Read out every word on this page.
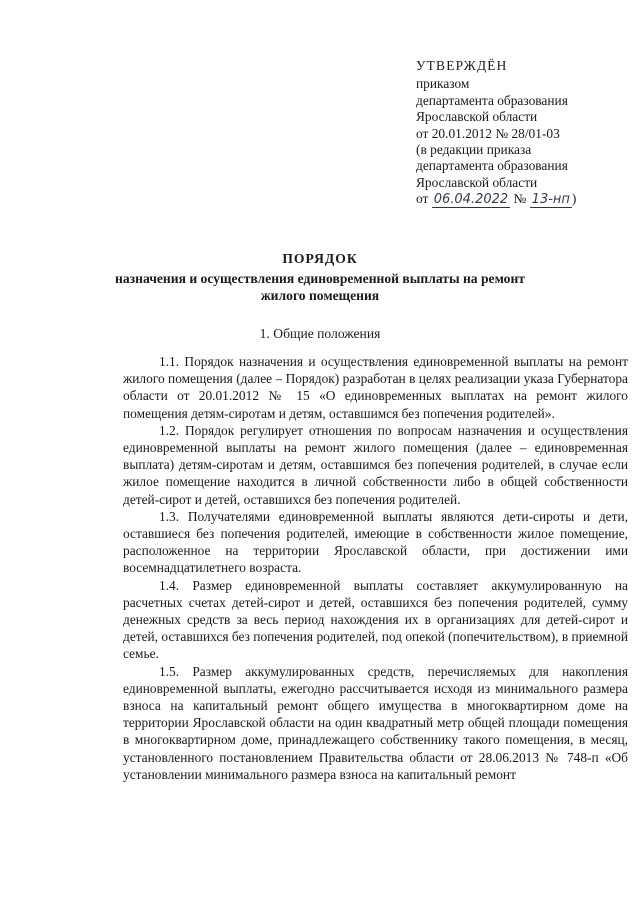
УТВЕРЖДЁН
приказом
департамента образования
Ярославской области
от 20.01.2012 № 28/01-03
(в редакции приказа
департамента образования
Ярославской области
от 06.04.2022 № 13-нп )
ПОРЯДОК
назначения и осуществления единовременной выплаты на ремонт
жилого помещения
1. Общие положения

1.1. Порядок назначения и осуществления единовременной выплаты на ремонт жилого помещения (далее – Порядок) разработан в целях реализации указа Губернатора области от 20.01.2012 № 15 «О единовременных выплатах на ремонт жилого помещения детям-сиротам и детям, оставшимся без попечения родителей».

1.2. Порядок регулирует отношения по вопросам назначения и осуществления единовременной выплаты на ремонт жилого помещения (далее – единовременная выплата) детям-сиротам и детям, оставшимся без попечения родителей, в случае если жилое помещение находится в личной собственности либо в общей собственности детей-сирот и детей, оставшихся без попечения родителей.

1.3. Получателями единовременной выплаты являются дети-сироты и дети, оставшиеся без попечения родителей, имеющие в собственности жилое помещение, расположенное на территории Ярославской области, при достижении ими восемнадцатилетнего возраста.

1.4. Размер единовременной выплаты составляет аккумулированную на расчетных счетах детей-сирот и детей, оставшихся без попечения родителей, сумму денежных средств за весь период нахождения их в организациях для детей-сирот и детей, оставшихся без попечения родителей, под опекой (попечительством), в приемной семье.

1.5. Размер аккумулированных средств, перечисляемых для накопления единовременной выплаты, ежегодно рассчитывается исходя из минимального размера взноса на капитальный ремонт общего имущества в многоквартирном доме на территории Ярославской области на один квадратный метр общей площади помещения в многоквартирном доме, принадлежащего собственнику такого помещения, в месяц, установленного постановлением Правительства области от 28.06.2013 № 748-п «Об установлении минимального размера взноса на капитальный ремонт
